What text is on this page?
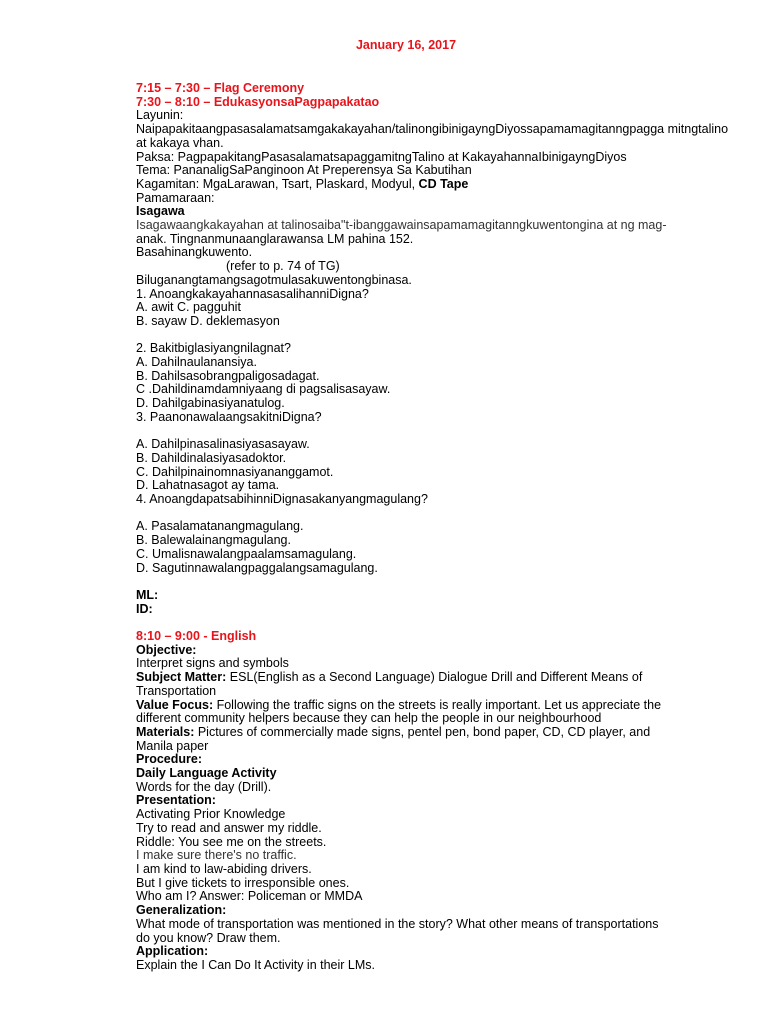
January 16, 2017
7:15 – 7:30 – Flag Ceremony
7:30 – 8:10 – EdukasyonsaPagpapakatao
Layunin:
Naipapakitaangpasasalamatsamgakakayahan/talinongibinigayngDiyossapamamagitanngpagga mitngtalino at kakaya vhan.
Paksa: PagpapakitangPasasalamatsapaggamitngTalino at KakayahannaIbinigayngDiyos
Tema: PananaligSaPanginoon At Preperensya Sa Kabutihan
Kagamitan: MgaLarawan, Tsart, Plaskard, Modyul, CD Tape
Pamamaraan:
Isagawa
Isagawaangkakayahan at talinosaiba"t-ibanggawainsapamamagitanngkuwentongina at ng mag-
anak. Tingnanmunaanglarawansa LM pahina 152.
Basahinangkuwento.
(refer to p. 74 of TG)
Biluganangtamangsagotmulasakuwentongbinasa.
1. AnoangkakayahannasasalihanniDigna?
A. awit C. pagguhit
B. sayaw D. deklemasyon
2. Bakitbiglasiyangnilagnat?
A. Dahilnaulanansiya.
B. Dahilsasobrangpaligosadagat.
C .Dahildinamdamniyaang di pagsalisasayaw.
D. Dahilgabinasiyanatulog.
3. PaanonawalaangsakitniDigna?
A. Dahilpinasalinasiyasasayaw.
B. Dahildinalasiyasadoktor.
C. Dahilpinainomnasiyananggamot.
D. Lahatnasagot ay tama.
4. AnoangdapatsabihinniDignasakanyangmagulang?
A. Pasalamatanangmagulang.
B. Balewalainangmagulang.
C. Umalisnawalangpaalamsamagulang.
D. Sagutinnawalangpaggalangsamagulang.
ML:
ID:
8:10 – 9:00 - English
Objective:
Interpret signs and symbols
Subject Matter: ESL(English as a Second Language) Dialogue Drill and Different Means of
Transportation
Value Focus: Following the traffic signs on the streets is really important. Let us appreciate the
different community helpers because they can help the people in our neighbourhood
Materials: Pictures of commercially made signs, pentel pen, bond paper, CD, CD player, and
Manila paper
Procedure:
Daily Language Activity
Words for the day (Drill).
Presentation:
Activating Prior Knowledge
Try to read and answer my riddle.
Riddle: You see me on the streets.
I make sure there's no traffic.
I am kind to law-abiding drivers.
But I give tickets to irresponsible ones.
Who am I? Answer: Policeman or MMDA
Generalization:
What mode of transportation was mentioned in the story? What other means of transportations
do you know? Draw them.
Application:
Explain the I Can Do It Activity in their LMs.
